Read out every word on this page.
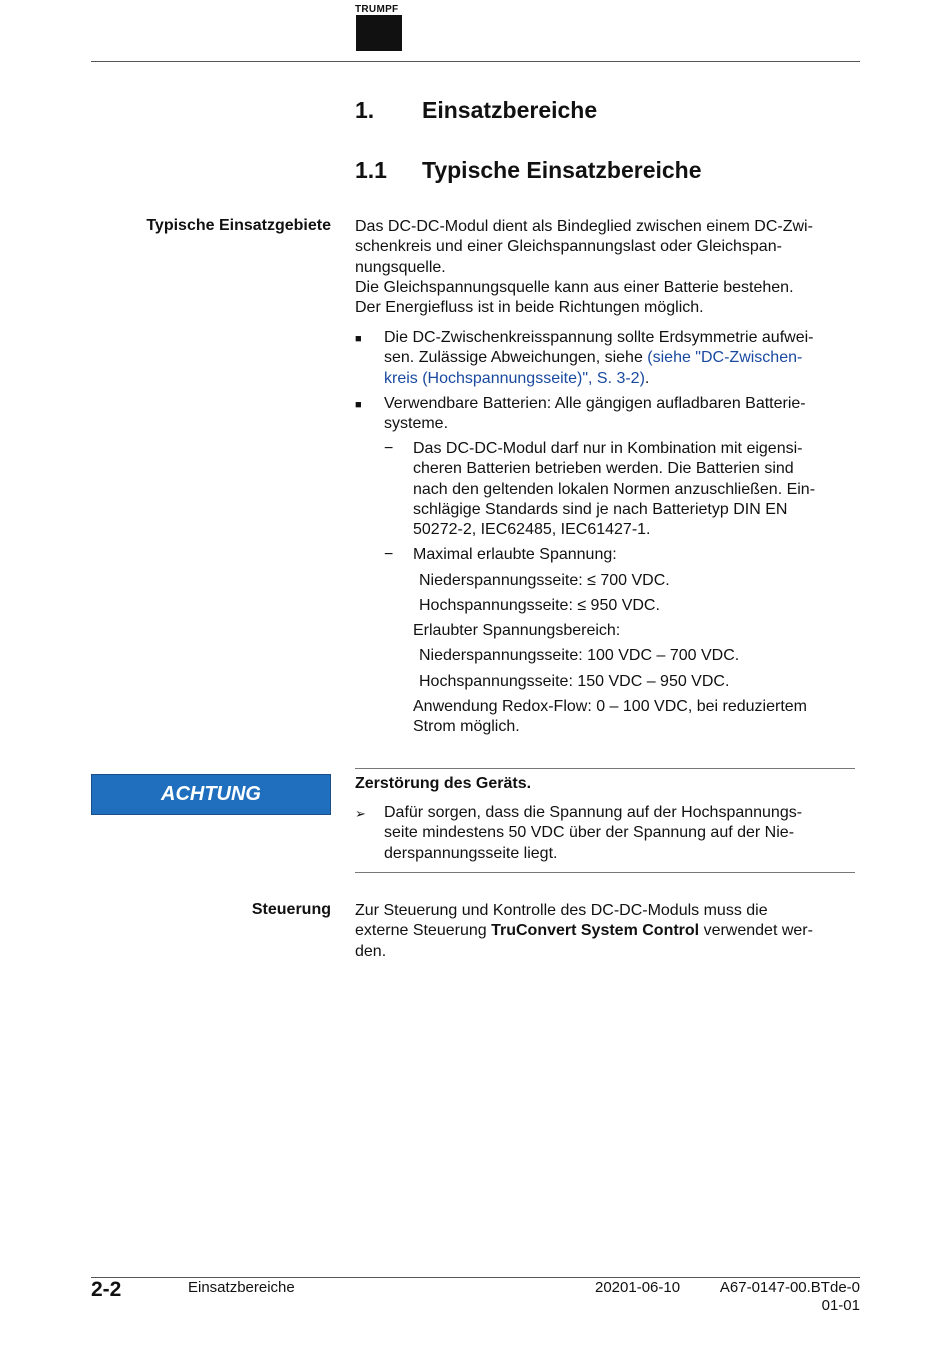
TRUMPF
1. Einsatzbereiche
1.1 Typische Einsatzbereiche
Typische Einsatzgebiete Das DC-DC-Modul dient als Bindeglied zwischen einem DC-Zwi-

schenkreis und einer Gleichspannungslast oder Gleichspan-

nungsquelle.

Die Gleichspannungsquelle kann aus einer Batterie bestehen.

Der Energiefluss ist in beide Richtungen möglich.

■ Die DC-Zwischenkreisspannung sollte Erdsymmetrie aufwei-
sen. Zulässige Abweichungen, siehe (siehe "DC-Zwischen-
kreis (Hochspannungsseite)", S. 3-2).
■ Verwendbare Batterien: Alle gängigen aufladbaren Batterie-
systeme.
− Das DC-DC-Modul darf nur in Kombination mit eigensi-
cheren Batterien betrieben werden. Die Batterien sind
nach den geltenden lokalen Normen anzuschließen. Ein-
schlägige Standards sind je nach Batterietyp DIN EN
50272-2, IEC62485, IEC61427-1.
− Maximal erlaubte Spannung:
Niederspannungsseite: ≤ 700 VDC.
Hochspannungsseite: ≤ 950 VDC.
Erlaubter Spannungsbereich:
Niederspannungsseite: 100 VDC – 700 VDC.
Hochspannungsseite: 150 VDC – 950 VDC.
Anwendung Redox-Flow: 0 – 100 VDC, bei reduziertem
Strom möglich.
ACHTUNG	Zerstörung des Geräts.
➢ Dafür sorgen, dass die Spannung auf der Hochspannungs-
seite mindestens 50 VDC über der Spannung auf der Nie-
derspannungsseite liegt.
Steuerung Zur Steuerung und Kontrolle des DC-DC-Moduls muss die
externe Steuerung TruConvert System Control verwendet wer-
den.
2-2	Einsatzbereiche	20201-06-10	A67-0147-00.BTde-0
01-01
